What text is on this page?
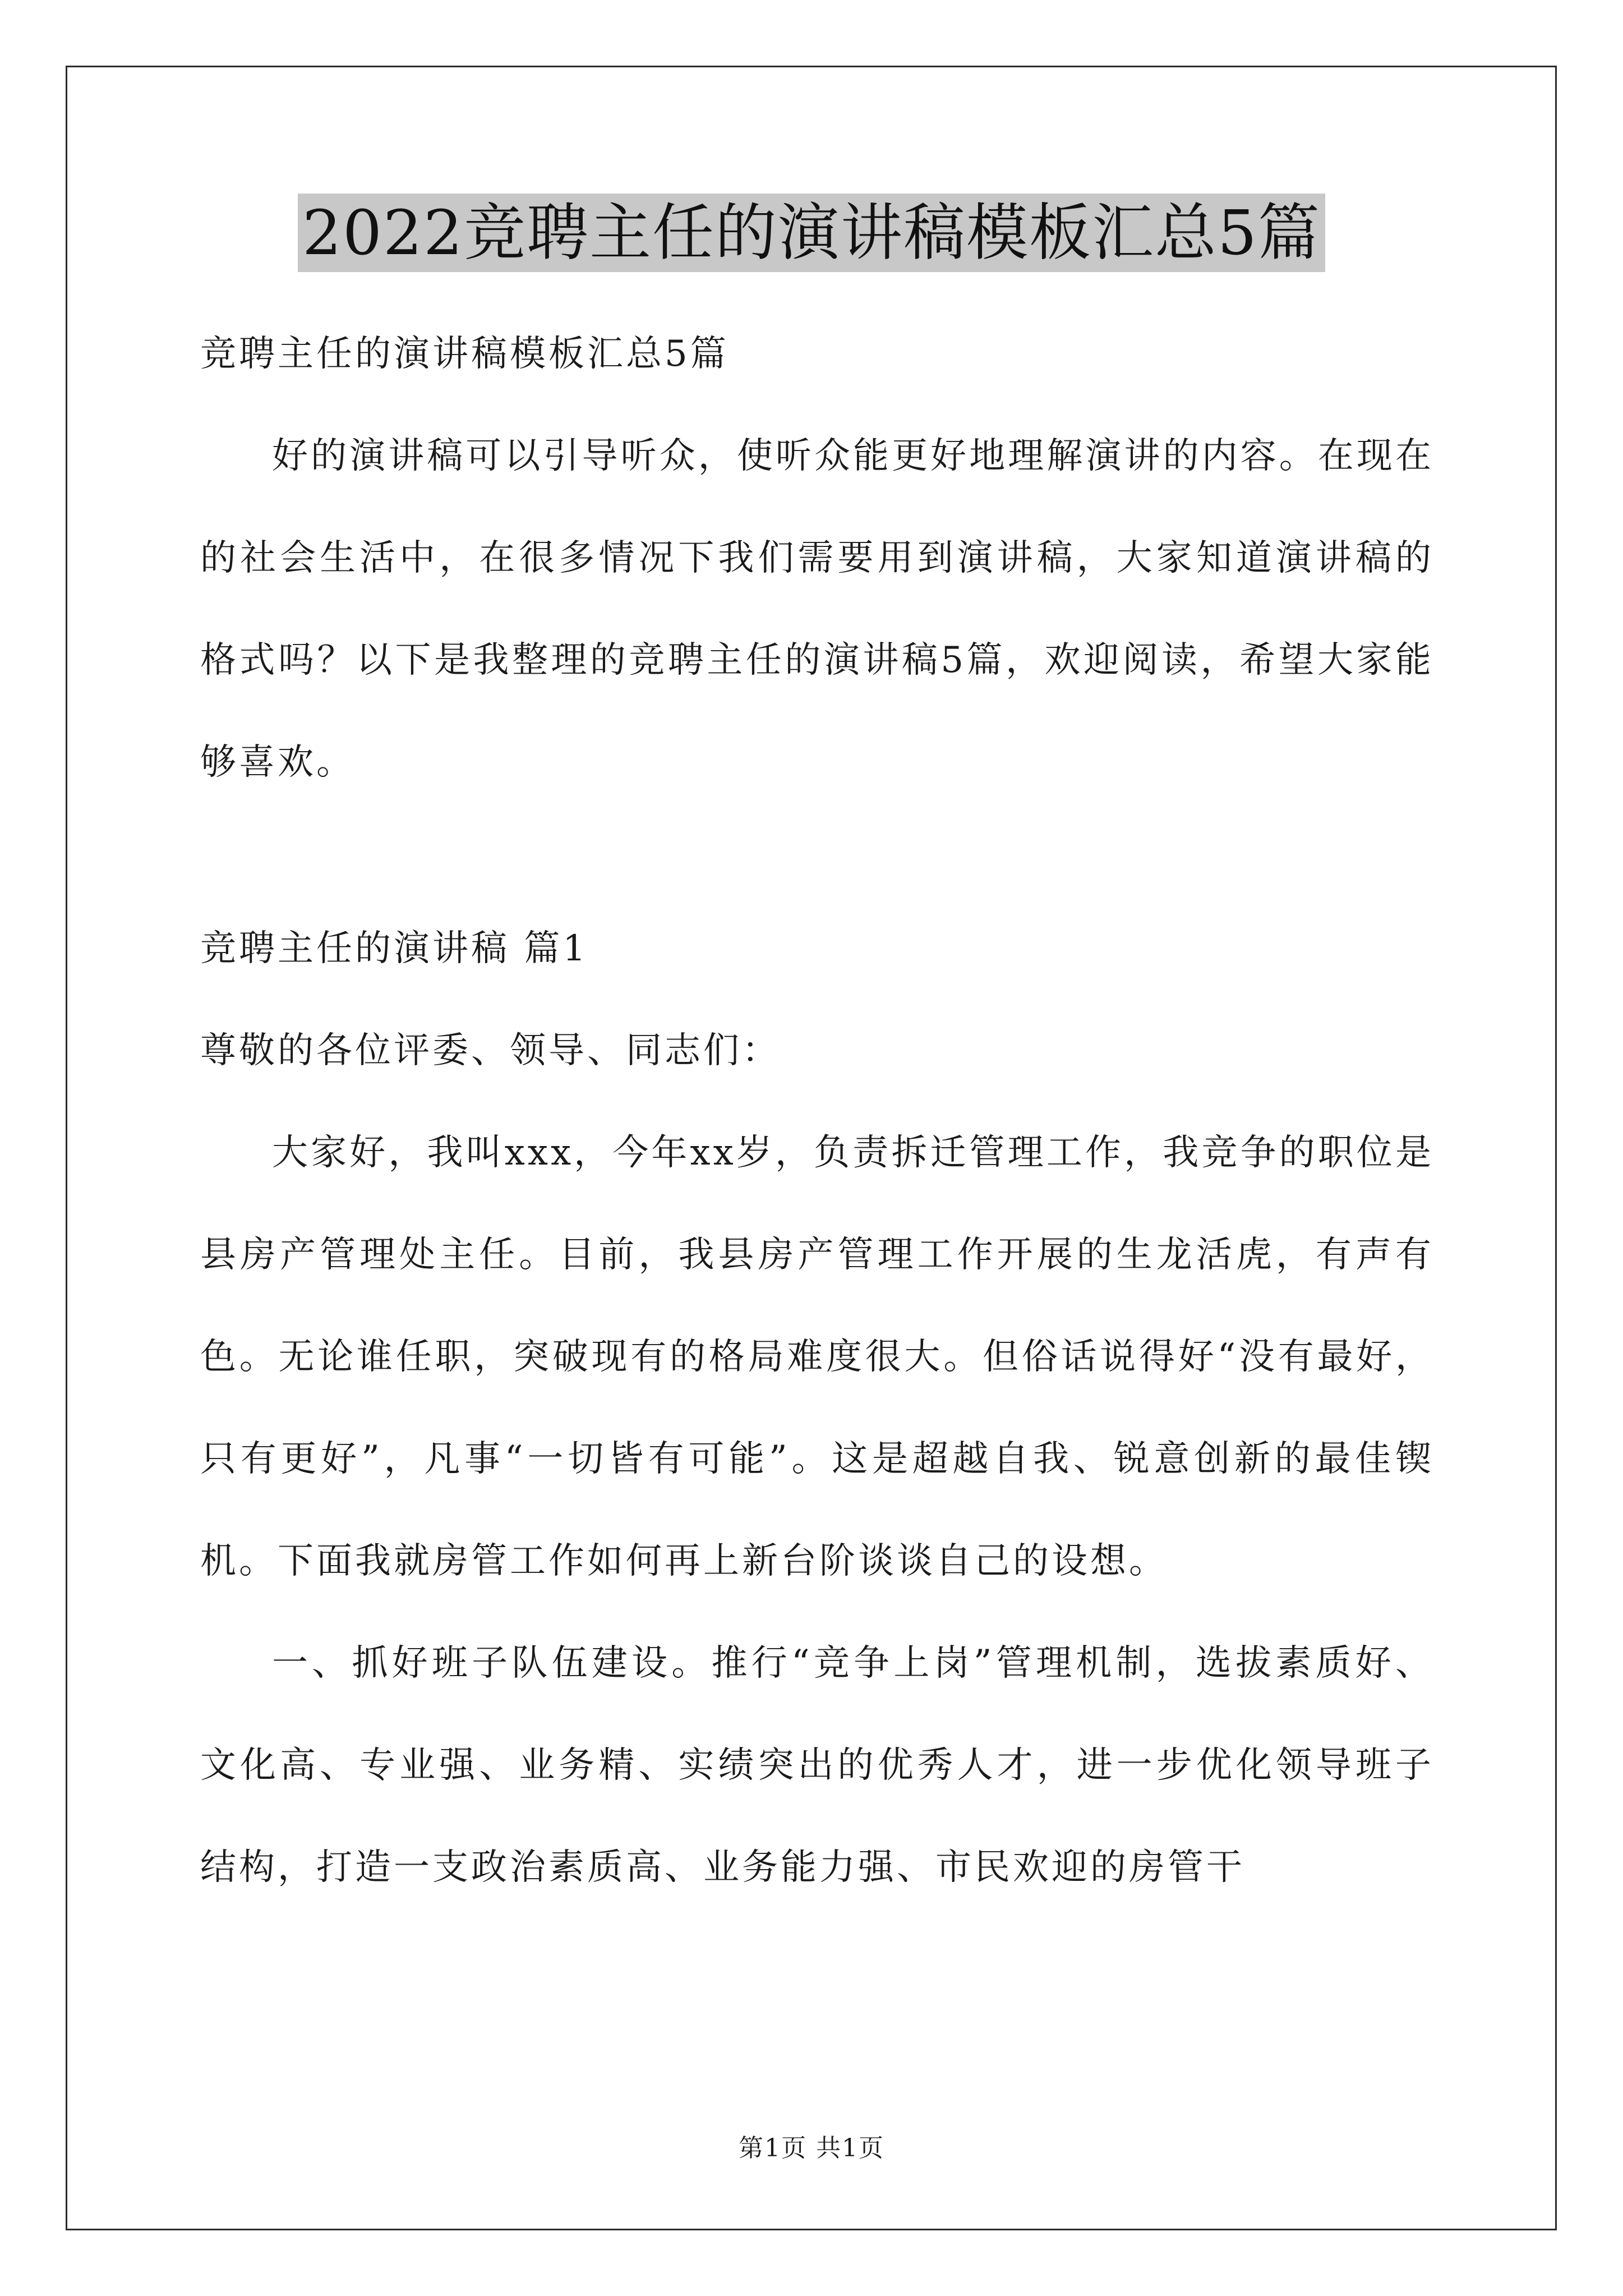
2022竞聘主任的演讲稿模板汇总5篇

竞聘主任的演讲稿模板汇总5篇

好的演讲稿可以引导听众，使听众能更好地理解演讲的内容。在现在的社会生活中，在很多情况下我们需要用到演讲稿，大家知道演讲稿的格式吗？以下是我整理的竞聘主任的演讲稿5篇，欢迎阅读，希望大家能够喜欢。

竞聘主任的演讲稿 篇1

尊敬的各位评委、领导、同志们：

大家好，我叫xxx，今年xx岁，负责拆迁管理工作，我竞争的职位是县房产管理处主任。目前，我县房产管理工作开展的生龙活虎，有声有色。无论谁任职，突破现有的格局难度很大。但俗话说得好“没有最好，只有更好”，凡事“一切皆有可能”。这是超越自我、锐意创新的最佳锲机。下面我就房管工作如何再上新台阶谈谈自己的设想。

一、抓好班子队伍建设。推行“竞争上岗”管理机制，选拔素质好、文化高、专业强、业务精、实绩突出的优秀人才，进一步优化领导班子结构，打造一支政治素质高、业务能力强、市民欢迎的房管干

第1页 共1页
